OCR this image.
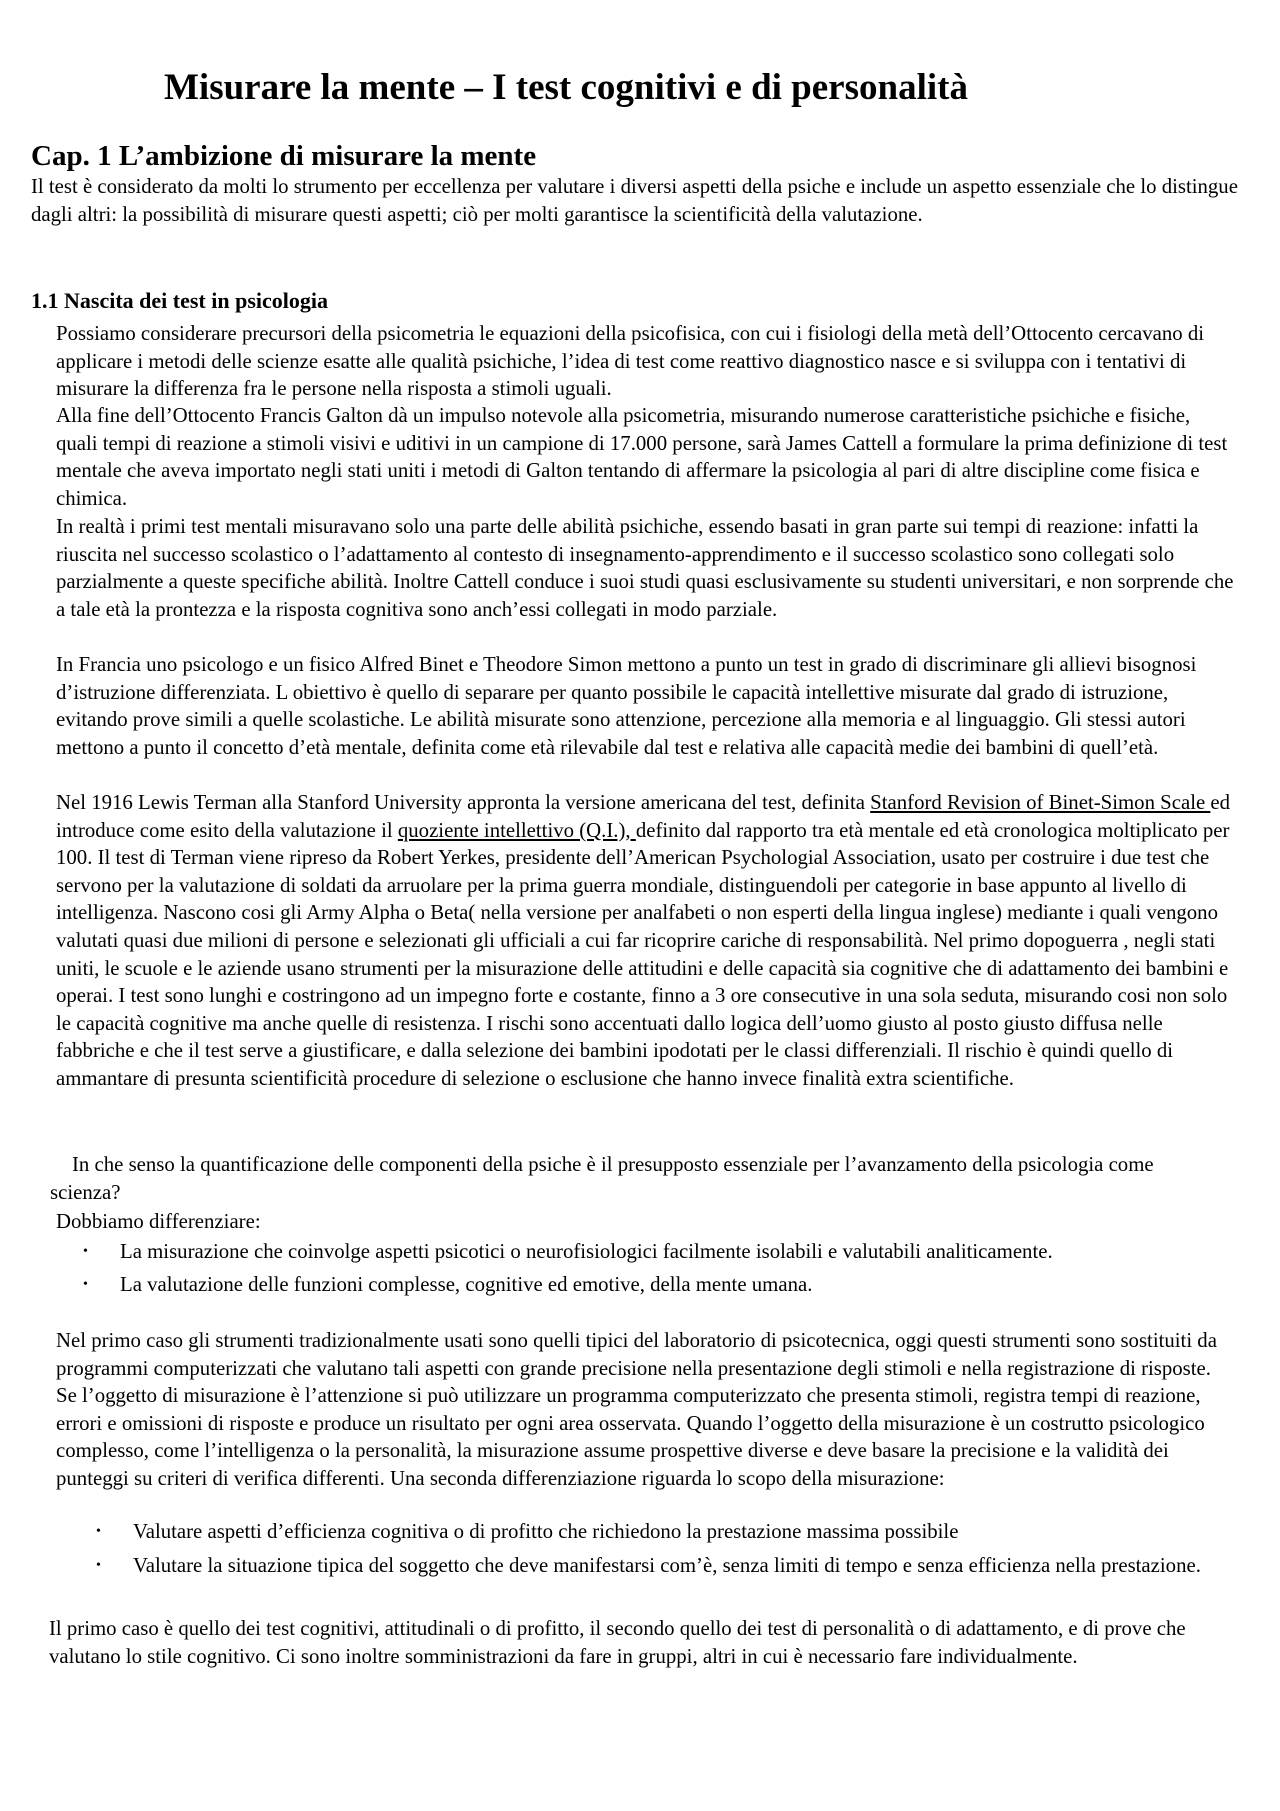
Misurare la mente – I test cognitivi e di personalità
Cap. 1 L’ambizione di misurare la mente

Il test è considerato da molti lo strumento per eccellenza per valutare i diversi aspetti della psiche e include un aspetto essenziale che lo distingue dagli altri: la possibilità di misurare questi aspetti; ciò per molti garantisce la scientificità della valutazione.

1.1 Nascita dei test in psicologia

Possiamo considerare precursori della psicometria le equazioni della psicofisica, con cui i fisiologi della metà dell’Ottocento cercavano di applicare i metodi delle scienze esatte alle qualità psichiche, l’idea di test come reattivo diagnostico nasce e si sviluppa con i tentativi di misurare la differenza fra le persone nella risposta a stimoli uguali.

Alla fine dell’Ottocento Francis Galton dà un impulso notevole alla psicometria, misurando numerose caratteristiche psichiche e fisiche, quali tempi di reazione a stimoli visivi e uditivi in un campione di 17.000 persone, sarà James Cattell a formulare la prima definizione di test mentale che aveva importato negli stati uniti i metodi di Galton tentando di affermare la psicologia al pari di altre discipline come fisica e chimica.

In realtà i primi test mentali misuravano solo una parte delle abilità psichiche, essendo basati in gran parte sui tempi di reazione: infatti la riuscita nel successo scolastico o l’adattamento al contesto di insegnamento-apprendimento e il successo scolastico sono collegati solo parzialmente a queste specifiche abilità. Inoltre Cattell conduce i suoi studi quasi esclusivamente su studenti universitari, e non sorprende che a tale età la prontezza e la risposta cognitiva sono anch’essi collegati in modo parziale.

In Francia uno psicologo e un fisico Alfred Binet e Theodore Simon mettono a punto un test in grado di discriminare gli allievi bisognosi d’istruzione differenziata. L obiettivo è quello di separare per quanto possibile le capacità intellettive misurate dal grado di istruzione, evitando prove simili a quelle scolastiche. Le abilità misurate sono attenzione, percezione alla memoria e al linguaggio. Gli stessi autori mettono a punto il concetto d’età mentale, definita come età rilevabile dal test e relativa alle capacità medie dei bambini di quell’età.

Nel 1916 Lewis Terman alla Stanford University appronta la versione americana del test, definita Stanford Revision of Binet-Simon Scale ed introduce come esito della valutazione il quoziente intellettivo (Q.I.), definito dal rapporto tra età mentale ed età cronologica moltiplicato per 100. Il test di Terman viene ripreso da Robert Yerkes, presidente dell’American Psychologial Association, usato per costruire i due test che servono per la valutazione di soldati da arruolare per la prima guerra mondiale, distinguendoli per categorie in base appunto al livello di intelligenza. Nascono cosi gli Army Alpha o Beta( nella versione per analfabeti o non esperti della lingua inglese) mediante i quali vengono valutati quasi due milioni di persone e selezionati gli ufficiali a cui far ricoprire cariche di responsabilità. Nel primo dopoguerra , negli stati uniti, le scuole e le aziende usano strumenti per la misurazione delle attitudini e delle capacità sia cognitive che di adattamento dei bambini e operai. I test sono lunghi e costringono ad un impegno forte e costante, finno a 3 ore consecutive in una sola seduta, misurando cosi non solo le capacità cognitive ma anche quelle di resistenza. I rischi sono accentuati dallo logica dell’uomo giusto al posto giusto diffusa nelle fabbriche e che il test serve a giustificare, e dalla selezione dei bambini ipodotati per le classi differenziali. Il rischio è quindi quello di ammantare di presunta scientificità procedure di selezione o esclusione che hanno invece finalità extra scientifiche.

In che senso la quantificazione delle componenti della psiche è il presupposto essenziale per l’avanzamento della psicologia come scienza?

Dobbiamo differenziare:

• La misurazione che coinvolge aspetti psicotici o neurofisiologici facilmente isolabili e valutabili analiticamente.
• La valutazione delle funzioni complesse, cognitive ed emotive, della mente umana.

Nel primo caso gli strumenti tradizionalmente usati sono quelli tipici del laboratorio di psicotecnica, oggi questi strumenti sono sostituiti da programmi computerizzati che valutano tali aspetti con grande precisione nella presentazione degli stimoli e nella registrazione di risposte. Se l’oggetto di misurazione è l’attenzione si può utilizzare un programma computerizzato che presenta stimoli, registra tempi di reazione, errori e omissioni di risposte e produce un risultato per ogni area osservata. Quando l’oggetto della misurazione è un costrutto psicologico complesso, come l’intelligenza o la personalità, la misurazione assume prospettive diverse e deve basare la precisione e la validità dei punteggi su criteri di verifica differenti. Una seconda differenziazione riguarda lo scopo della misurazione:

• Valutare aspetti d’efficienza cognitiva o di profitto che richiedono la prestazione massima possibile
• Valutare la situazione tipica del soggetto che deve manifestarsi com’è, senza limiti di tempo e senza efficienza nella prestazione.

Il primo caso è quello dei test cognitivi, attitudinali o di profitto, il secondo quello dei test di personalità o di adattamento, e di prove che valutano lo stile cognitivo. Ci sono inoltre somministrazioni da fare in gruppi, altri in cui è necessario fare individualmente.
